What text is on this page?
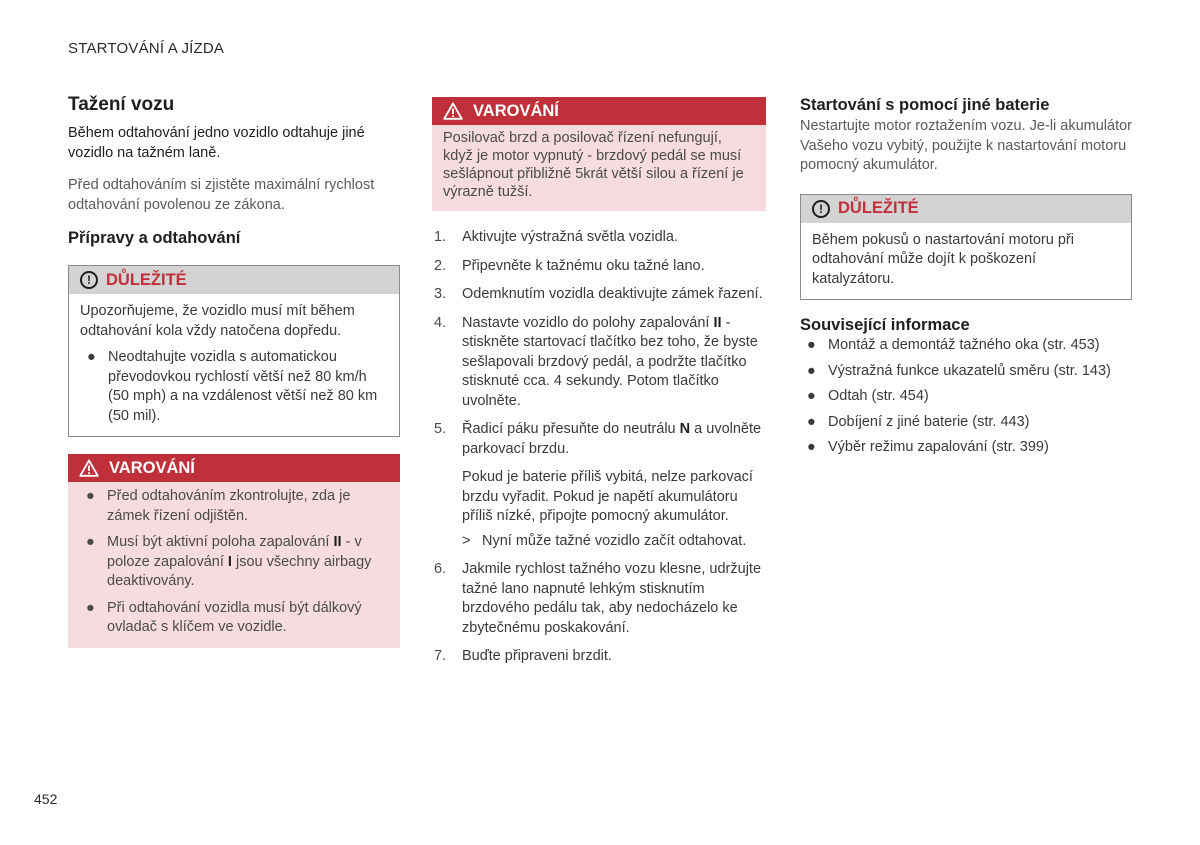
STARTOVÁNÍ A JÍZDA
Tažení vozu

Během odtahování jedno vozidlo odtahuje jiné vozidlo na tažném laně.

Před odtahováním si zjistěte maximální rychlost odtahování povolenou ze zákona.

Přípravy a odtahování
! DŮLEŽITÉ

Upozorňujeme, že vozidlo musí mít během odtahování kola vždy natočena dopředu.

● Neodtahujte vozidla s automatickou převodovkou rychlostí větší než 80 km/h (50 mph) a na vzdálenost větší než 80 km (50 mil).
VAROVÁNÍ
● Před odtahováním zkontrolujte, zda je zámek řízení odjištěn.
● Musí být aktivní poloha zapalování II - v poloze zapalování I jsou všechny airbagy deaktivovány.
● Při odtahování vozidla musí být dálkový ovladač s klíčem ve vozidle.
VAROVÁNÍ

Posilovač brzd a posilovač řízení nefungují, když je motor vypnutý - brzdový pedál se musí sešlápnout přibližně 5krát větší silou a řízení je výrazně tužší.

1. Aktivujte výstražná světla vozidla.
2. Připevněte k tažnému oku tažné lano.
3. Odemknutím vozidla deaktivujte zámek řazení.
4. Nastavte vozidlo do polohy zapalování II - stiskněte startovací tlačítko bez toho, že byste sešlapovali brzdový pedál, a podržte tlačítko stisknuté cca. 4 sekundy. Potom tlačítko uvolněte.
5. Řadicí páku přesuňte do neutrálu N a uvolněte parkovací brzdu.
Pokud je baterie příliš vybitá, nelze parkovací brzdu vyřadit. Pokud je napětí akumulátoru příliš nízké, připojte pomocný akumulátor.
> Nyní může tažné vozidlo začít odtahovat.
6. Jakmile rychlost tažného vozu klesne, udržujte tažné lano napnuté lehkým stisknutím brzdového pedálu tak, aby nedocházelo ke zbytečnému poskakování.
7. Buďte připraveni brzdit.
Startování s pomocí jiné baterie

Nestartujte motor roztažením vozu. Je-li akumulátor Vašeho vozu vybitý, použijte k nastartování motoru pomocný akumulátor.

! DŮLEŽITÉ

Během pokusů o nastartování motoru při odtahování může dojít k poškození katalyzátoru.

Související informace
● Montáž a demontáž tažného oka (str. 453)
● Výstražná funkce ukazatelů směru (str. 143)
● Odtah (str. 454)
● Dobíjení z jiné baterie (str. 443)
● Výběr režimu zapalování (str. 399)
452
